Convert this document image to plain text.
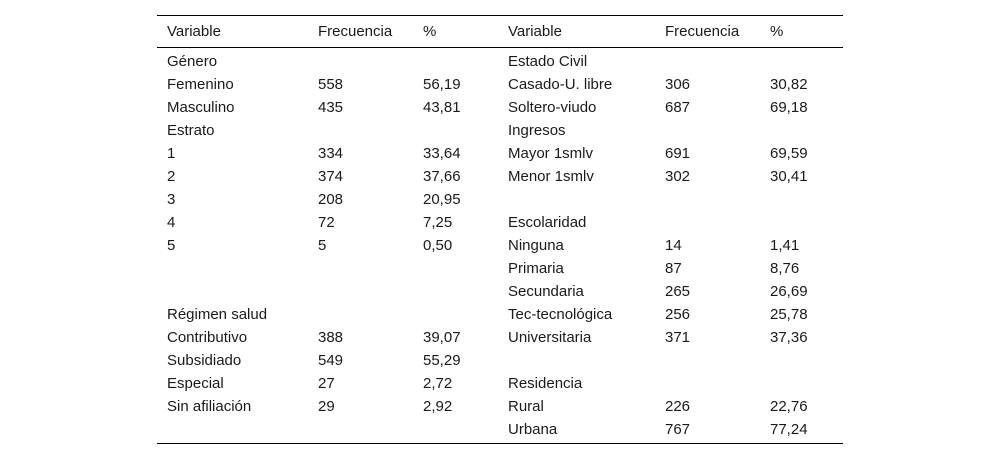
Variable	Frecuencia	%	Variable	Frecuencia	%
Género			Estado Civil		
Femenino	558	56,19	Casado-U. libre	306	30,82
Masculino	435	43,81	Soltero-viudo	687	69,18
Estrato			Ingresos		
1	334	33,64	Mayor 1smlv	691	69,59
2	374	37,66	Menor 1smlv	302	30,41
3	208	20,95			
4	72	7,25	Escolaridad		
5	5	0,50	Ninguna	14	1,41
			Primaria	87	8,76
			Secundaria	265	26,69
Régimen salud			Tec-tecnológica	256	25,78
Contributivo	388	39,07	Universitaria	371	37,36
Subsidiado	549	55,29			
Especial	27	2,72	Residencia		
Sin afiliación	29	2,92	Rural	226	22,76
			Urbana	767	77,24
